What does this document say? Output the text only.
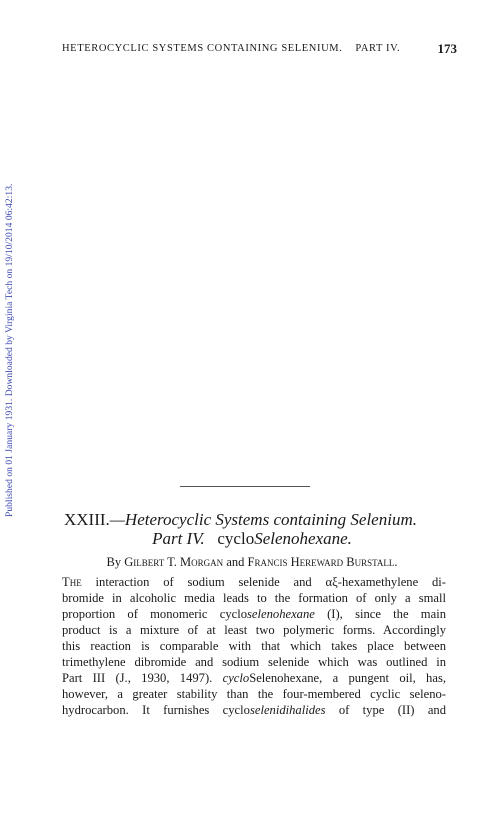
HETEROCYCLIC SYSTEMS CONTAINING SELENIUM. PART IV.	173
Published on 01 January 1931. Downloaded by Virginia Tech on 19/10/2014 06:42:13.
XXIII.—Heterocyclic Systems containing Selenium.
Part IV. cycloSelenohexane.
By Gilbert T. Morgan and Francis Hereward Burstall.
The interaction of sodium selenide and αξ-hexamethylene di-
bromide in alcoholic media leads to the formation of only a small
proportion of monomeric cycloselenohexane (I), since the main
product is a mixture of at least two polymeric forms. Accordingly
this reaction is comparable with that which takes place between
trimethylene dibromide and sodium selenide which was outlined in
Part III (J., 1930, 1497). cycloSelenohexane, a pungent oil, has,
however, a greater stability than the four-membered cyclic seleno-
hydrocarbon. It furnishes cycloselenidihalides of type (II) and
